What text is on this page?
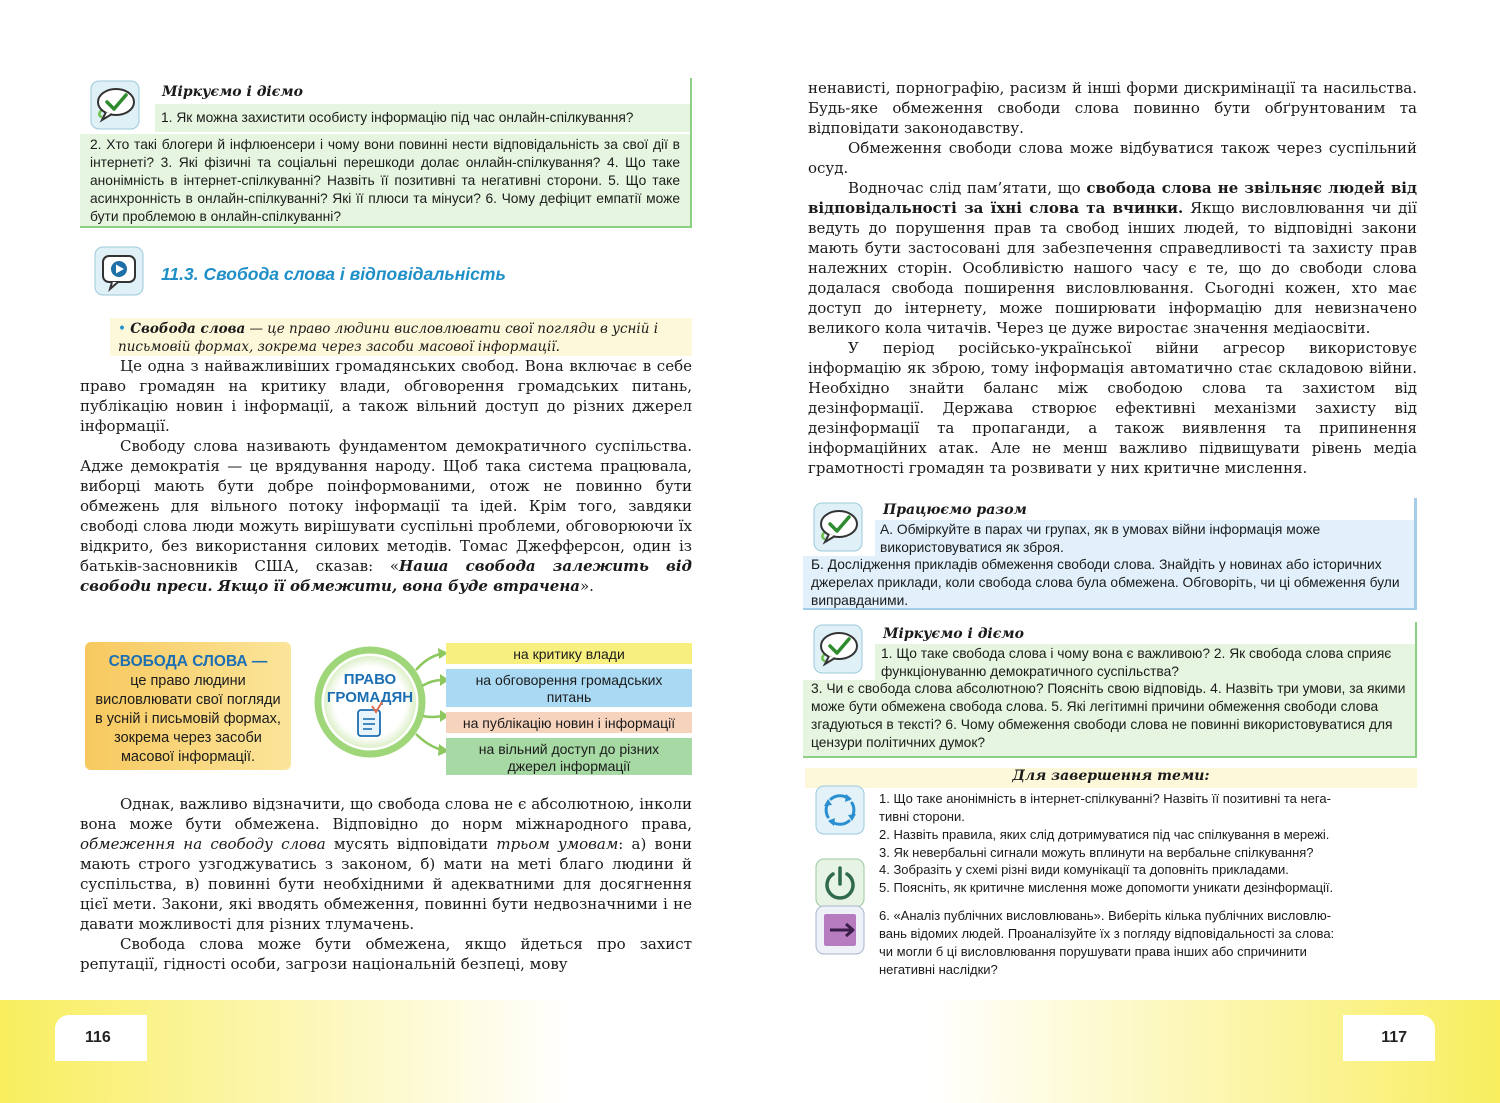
116	117
Міркуємо і діємо
1. Як можна захистити особисту інформацію під час онлайн-спілкування?
2. Хто такі блогери й інфлюенсери і чому вони повинні нести відповідальність за свої дії в інтернеті? 3. Які фізичні та соціальні перешкоди долає онлайн-спілкування? 4. Що таке анонімність в інтернет-спілкуванні? Назвіть її позитивні та негативні сторони. 5. Що таке асинхронність в онлайн-спілкуванні? Які її плюси та мінуси? 6. Чому дефіцит емпатії може бути проблемою в онлайн-спілкуванні?
11.3. Свобода слова і відповідальність
• Свобода слова — це право людини висловлювати свої погляди в усній і письмовій формах, зокрема через засоби масової інформації.

Це одна з найважливіших громадянських свобод. Вона включає в себе право громадян на критику влади, обговорення громадських питань, публікацію новин і інформації, а також вільний доступ до різних джерел інформації.

Свободу слова називають фундаментом демократичного суспільства. Адже демократія — це врядування народу. Щоб така система працювала, виборці мають бути добре поінформованими, отож не повинно бути обмежень для вільного потоку інформації та ідей. Крім того, завдяки свободі слова люди можуть вирішувати суспільні проблеми, обговорюючи їх відкрито, без використання силових методів. Томас Джефферсон, один із батьків-засновників США, сказав: «Наша свобода залежить від свободи преси. Якщо її обмежити, вона буде втрачена».

СВОБОДА СЛОВА —
це право людини
висловлювати свої погляди
в усній і письмовій формах,
зокрема через засоби
масової інформації.
ПРАВО
ГРОМАДЯН
на критику влади
на обговорення громадських
питань
на публікацію новин і інформації
на вільний доступ до різних
джерел інформації

Однак, важливо відзначити, що свобода слова не є абсолютною, інколи вона може бути обмежена. Відповідно до норм міжнародного права, обмеження на свободу слова мусять відповідати трьом умовам: а) вони мають строго узгоджуватись з законом, б) мати на меті благо людини й суспільства, в) повинні бути необхідними й адекватними для досягнення цієї мети. Закони, які вводять обмеження, повинні бути недвозначними і не давати можливості для різних тлумачень.

Свобода слова може бути обмежена, якщо йдеться про захист репутації, гідності особи, загрози національній безпеці, мову

ненависті, порнографію, расизм й інші форми дискримінації та насильства. Будь-яке обмеження свободи слова повинно бути обґрунтованим та відповідати законодавству.

Обмеження свободи слова може відбуватися також через суспільний осуд.

Водночас слід пам’ятати, що свобода слова не звільняє людей від відповідальності за їхні слова та вчинки. Якщо висловлювання чи дії ведуть до порушення прав та свобод інших людей, то відповідні закони мають бути застосовані для забезпечення справедливості та захисту прав належних сторін. Особливістю нашого часу є те, що до свободи слова додалася свобода поширення висловлювання. Сьогодні кожен, хто має доступ до інтернету, може поширювати інформацію для невизначено великого кола читачів. Через це дуже виростає значення медіаосвіти.

У період російсько-української війни агресор використовує інформацію як зброю, тому інформація автоматично стає складовою війни. Необхідно знайти баланс між свободою слова та захистом від дезінформації. Держава створює ефективні механізми захисту від дезінформації та пропаганди, а також виявлення та припинення інформаційних атак. Але не менш важливо підвищувати рівень медіа грамотності громадян та розвивати у них критичне мислення.

Працюємо разом
А. Обміркуйте в парах чи групах, як в умовах війни інформація може використовуватися як зброя.
Б. Дослідження прикладів обмеження свободи слова. Знайдіть у новинах або історичних джерелах приклади, коли свобода слова була обмежена. Обговоріть, чи ці обмеження були виправданими.
Міркуємо і діємо
1. Що таке свобода слова і чому вона є важливою? 2. Як свобода слова сприяє функціонуванню демократичного суспільства?
3. Чи є свобода слова абсолютною? Поясніть свою відповідь. 4. Назвіть три умови, за якими може бути обмежена свобода слова. 5. Які легітимні причини обмеження свободи слова згадуються в тексті? 6. Чому обмеження свободи слова не повинні використовуватися для цензури політичних думок?
Для завершення теми:
1. Що таке анонімність в інтернет-спілкуванні? Назвіть її позитивні та нега-
тивні сторони.
2. Назвіть правила, яких слід дотримуватися під час спілкування в мережі.
3. Як невербальні сигнали можуть вплинути на вербальне спілкування?
4. Зобразіть у схемі різні види комунікації та доповніть прикладами.
5. Поясніть, як критичне мислення може допомогти уникати дезінформації.
6. «Аналіз публічних висловлювань». Виберіть кілька публічних висловлю-
вань відомих людей. Проаналізуйте їх з погляду відповідальності за слова:
чи могли б ці висловлювання порушувати права інших або спричинити
негативні наслідки?
